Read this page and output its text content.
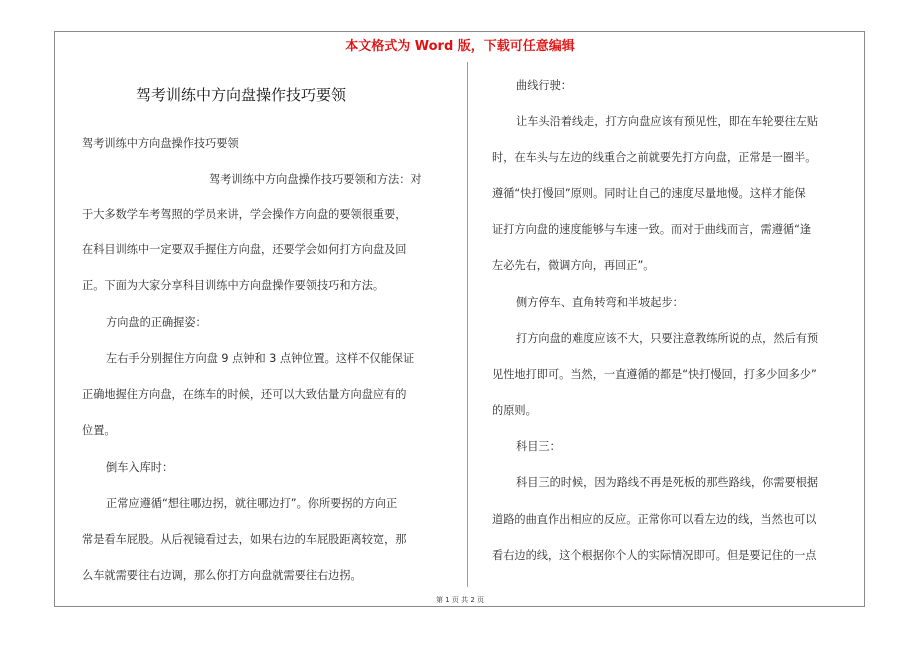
本文格式为 Word 版，下载可任意编辑
驾考训练中方向盘操作技巧要领

驾考训练中方向盘操作技巧要领

驾考训练中方向盘操作技巧要领和方法：对

于大多数学车考驾照的学员来讲，学会操作方向盘的要领很重要，

在科目训练中一定要双手握住方向盘，还要学会如何打方向盘及回

正。下面为大家分享科目训练中方向盘操作要领技巧和方法。

方向盘的正确握姿：

左右手分别握住方向盘 9 点钟和 3 点钟位置。这样不仅能保证

正确地握住方向盘，在练车的时候，还可以大致估量方向盘应有的

位置。

倒车入库时：

正常应遵循“想往哪边拐，就往哪边打”。你所要拐的方向正

常是看车屁股。从后视镜看过去，如果右边的车屁股距离较宽，那

么车就需要往右边调，那么你打方向盘就需要往右边拐。

曲线行驶：

让车头沿着线走，打方向盘应该有预见性，即在车轮要往左贴

时，在车头与左边的线重合之前就要先打方向盘，正常是一圈半。

遵循“快打慢回”原则。同时让自己的速度尽量地慢。这样才能保

证打方向盘的速度能够与车速一致。而对于曲线而言，需遵循“逢

左必先右，微调方向，再回正”。

侧方停车、直角转弯和半坡起步：

打方向盘的难度应该不大，只要注意教练所说的点，然后有预

见性地打即可。当然，一直遵循的都是“快打慢回，打多少回多少”

的原则。

科目三：

科目三的时候，因为路线不再是死板的那些路线，你需要根据

道路的曲直作出相应的反应。正常你可以看左边的线，当然也可以

看右边的线，这个根据你个人的实际情况即可。但是要记住的一点

第 1 页 共 2 页
